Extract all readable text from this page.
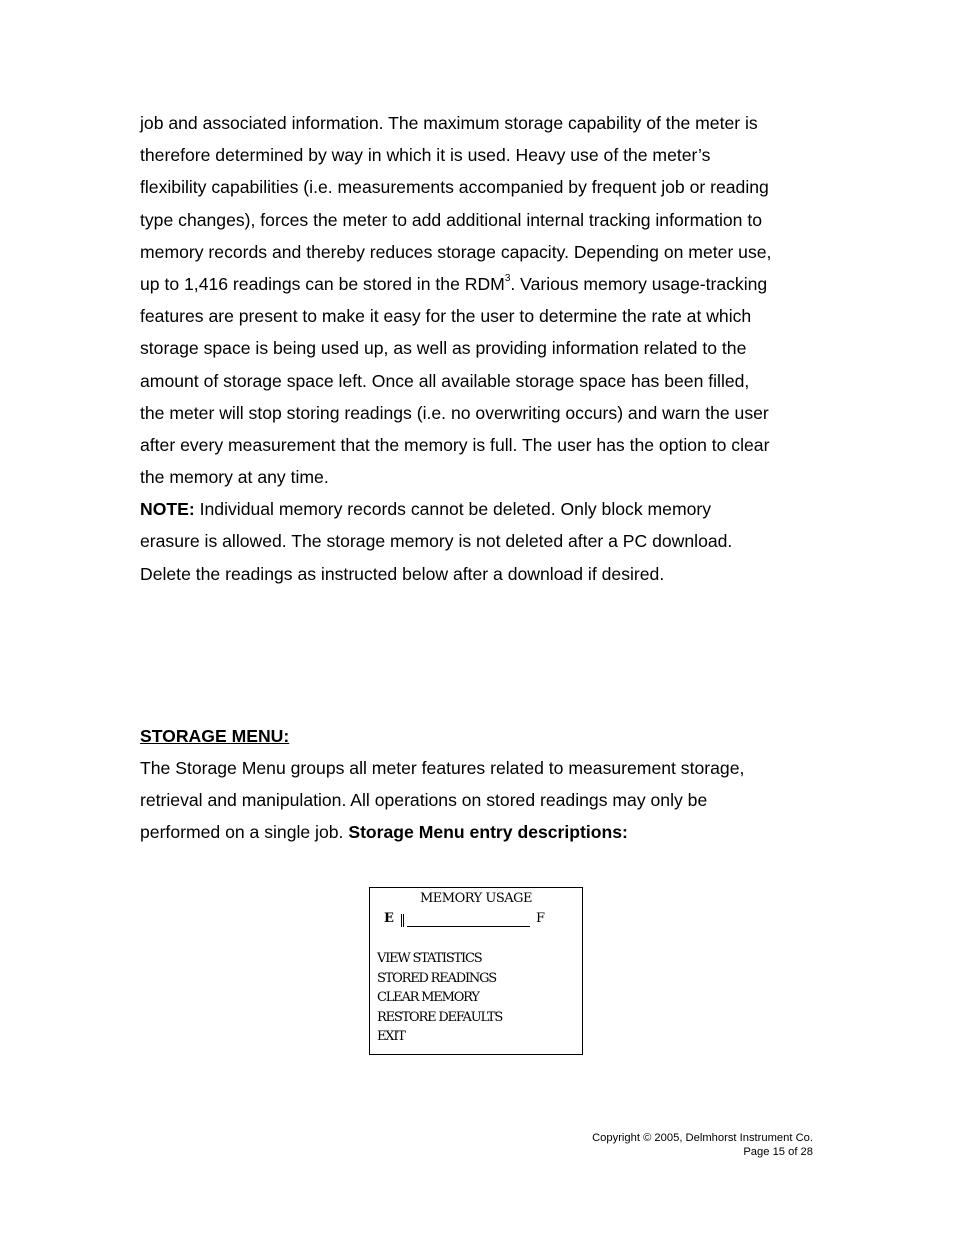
job and associated information. The maximum storage capability of the meter is
therefore determined by way in which it is used. Heavy use of the meter’s
flexibility capabilities (i.e. measurements accompanied by frequent job or reading
type changes), forces the meter to add additional internal tracking information to
memory records and thereby reduces storage capacity. Depending on meter use,
up to 1,416 readings can be stored in the RDM$^3$. Various memory usage-tracking
features are present to make it easy for the user to determine the rate at which
storage space is being used up, as well as providing information related to the
amount of storage space left. Once all available storage space has been filled,
the meter will stop storing readings (i.e. no overwriting occurs) and warn the user
after every measurement that the memory is full. The user has the option to clear
the memory at any time.
NOTE: Individual memory records cannot be deleted. Only block memory
erasure is allowed. The storage memory is not deleted after a PC download.
Delete the readings as instructed below after a download if desired.
STORAGE MENU:
The Storage Menu groups all meter features related to measurement storage,
retrieval and manipulation. All operations on stored readings may only be
performed on a single job. Storage Menu entry descriptions:
MEMORY USAGE
E	F
VIEW STATISTICS
STORED READINGS
CLEAR MEMORY
RESTORE DEFAULTS
EXIT
Copyright © 2005, Delmhorst Instrument Co.
Page 15 of 28
